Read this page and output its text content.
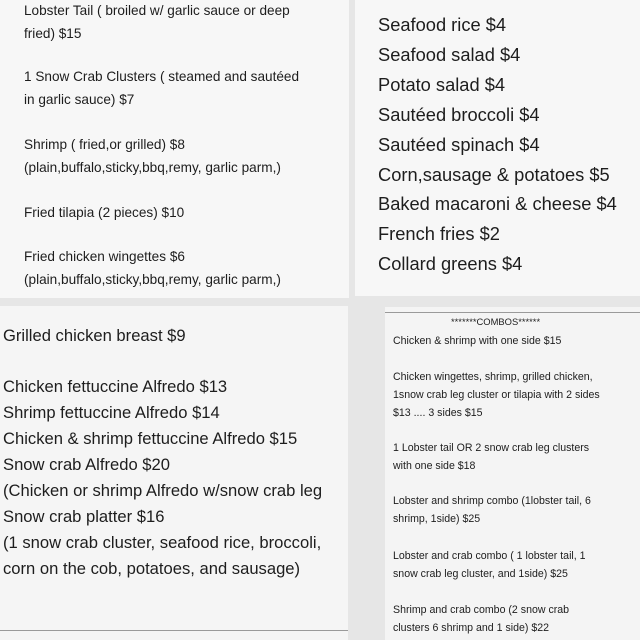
Lobster Tail ( broiled w/ garlic sauce or deep
fried) $15

1 Snow Crab Clusters ( steamed and sautéed
in garlic sauce) $7

Shrimp ( fried,or grilled) $8
(plain,buffalo,sticky,bbq,remy, garlic parm,)

Fried tilapia (2 pieces) $10

Fried chicken wingettes $6
(plain,buffalo,sticky,bbq,remy, garlic parm,)

Seafood rice $4

Seafood salad $4

Potato salad $4

Sautéed broccoli $4

Sautéed spinach $4

Corn,sausage & potatoes $5

Baked macaroni & cheese $4

French fries $2

Collard greens $4

Grilled chicken breast $9

Chicken fettuccine Alfredo $13

Shrimp fettuccine Alfredo $14

Chicken & shrimp fettuccine Alfredo $15

Snow crab Alfredo $20

(Chicken or shrimp Alfredo w/snow crab leg

Snow crab platter $16

(1 snow crab cluster, seafood rice, broccoli,

corn on the cob, potatoes, and sausage)

*******COMBOS******

Chicken & shrimp with one side $15

Chicken wingettes, shrimp, grilled chicken,
1snow crab leg cluster or tilapia with 2 sides
$13 .... 3 sides $15

1 Lobster tail OR 2 snow crab leg clusters
with one side $18

Lobster and shrimp combo (1lobster tail, 6
shrimp, 1side) $25

Lobster and crab combo ( 1 lobster tail, 1
snow crab leg cluster, and 1side) $25

Shrimp and crab combo (2 snow crab
clusters 6 shrimp and 1 side) $22
